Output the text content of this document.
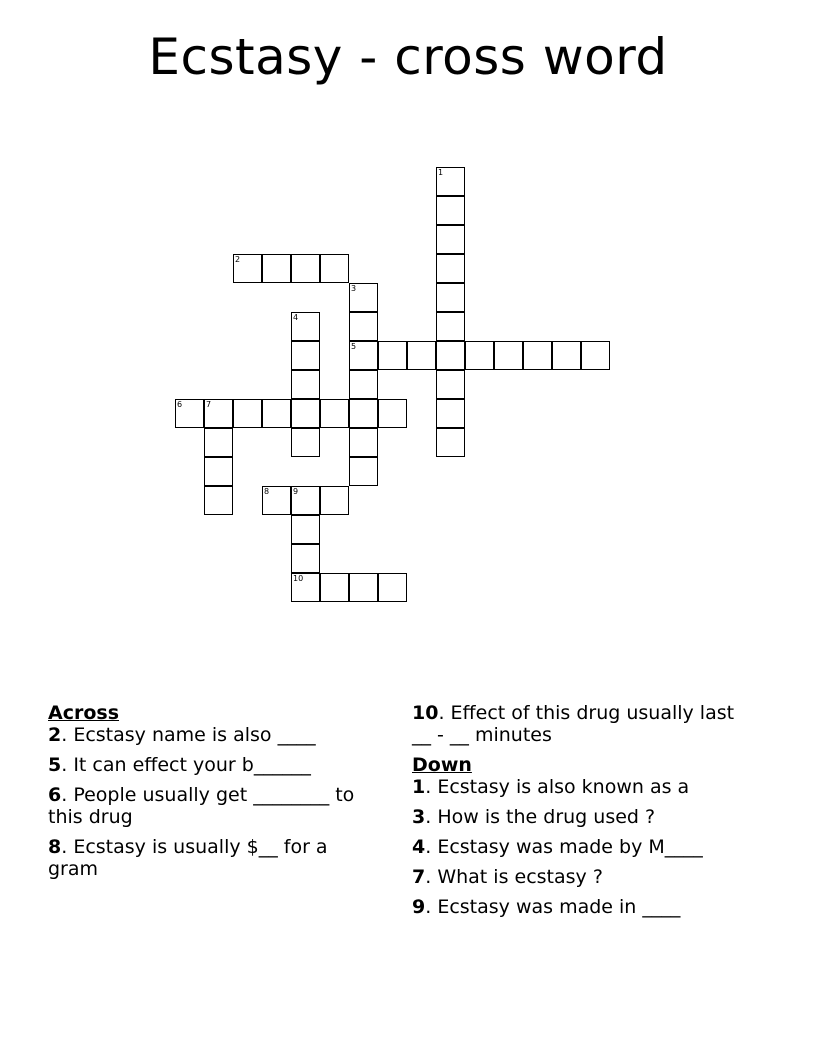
Ecstasy - cross word
2
5
6	7
8	9
10
1
3
4
Across
2. Ecstasy name is also ____
5. It can effect your b______
6. People usually get ________ to this drug
8. Ecstasy is usually $__ for a gram
10. Effect of this drug usually last __ - __ minutes
Down
1. Ecstasy is also known as a
3. How is the drug used ?
4. Ecstasy was made by M____
7. What is ecstasy ?
9. Ecstasy was made in ____
